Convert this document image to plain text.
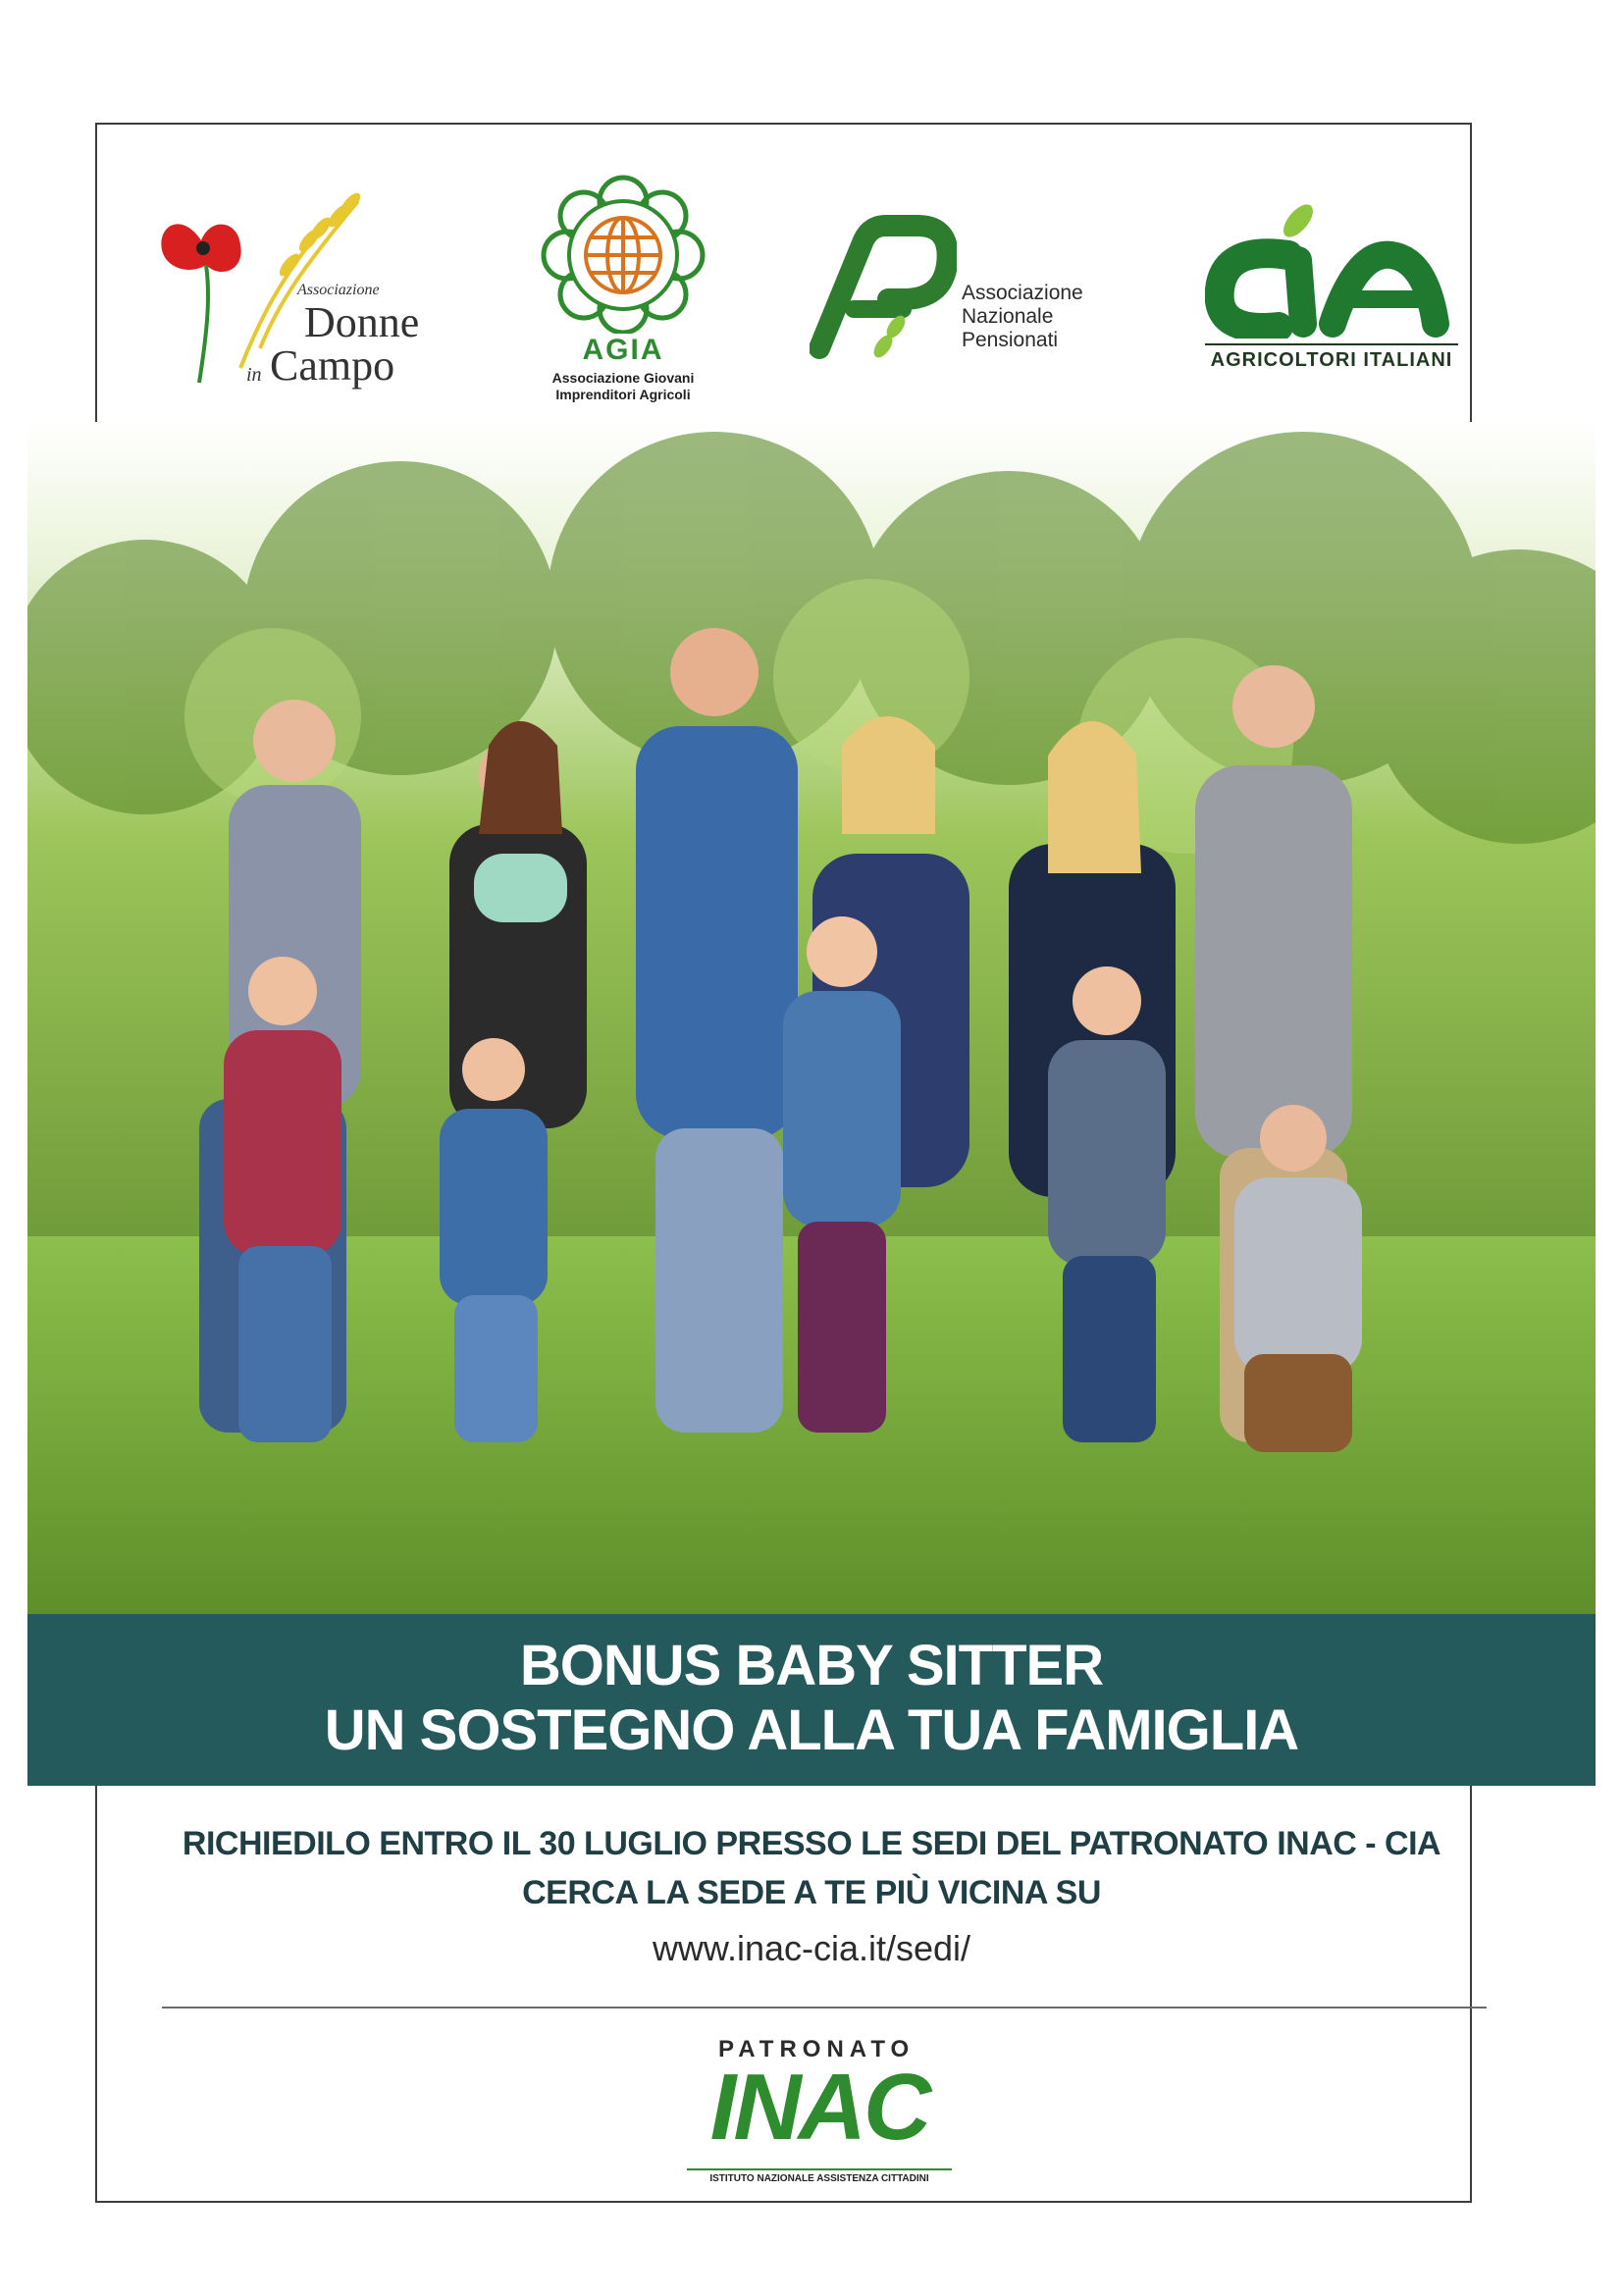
Associazione
Donne
in Campo	AGIA
Associazione Giovani
Imprenditori Agricoli
Associazione
Nazionale
Pensionati
AGRICOLTORI ITALIANI
BONUS BABY SITTER
UN SOSTEGNO ALLA TUA FAMIGLIA
RICHIEDILO ENTRO IL 30 LUGLIO PRESSO LE SEDI DEL PATRONATO INAC - CIA
CERCA LA SEDE A TE PIÙ VICINA SU
www.inac-cia.it/sedi/
PATRONATO
INAC
ISTITUTO NAZIONALE ASSISTENZA CITTADINI
